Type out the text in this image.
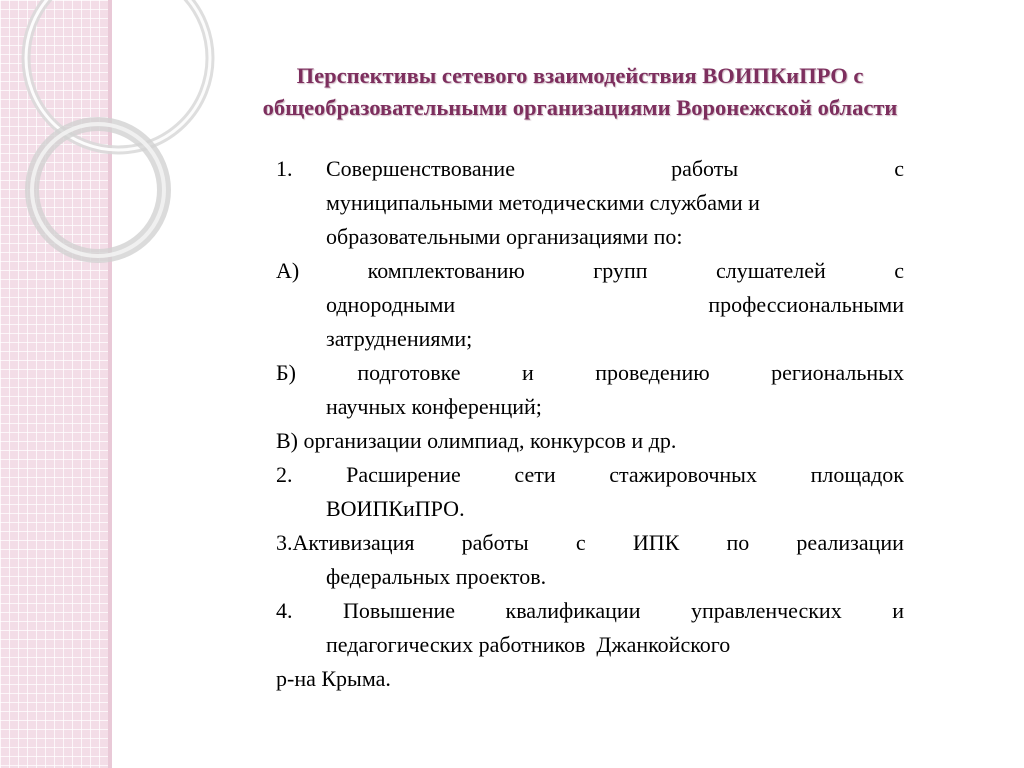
Перспективы сетевого взаимодействия ВОИПКиПРО с
общеобразовательными организациями Воронежской области
1.	Совершенствование	работы	с
муниципальными методическими службами и
образовательными организациями по:
А)	комплектованию	групп	слушателей	с
однородными	профессиональными
затруднениями;
Б)	подготовке	и	проведению	региональных
научных конференций;
В) организации олимпиад, конкурсов и др.
2. Расширение сети стажировочных площадок
ВОИПКиПРО.
3.Активизация работы с ИПК по реализации
федеральных проектов.
4. Повышение квалификации управленческих и
педагогических работников  Джанкойского
р-на Крыма.
